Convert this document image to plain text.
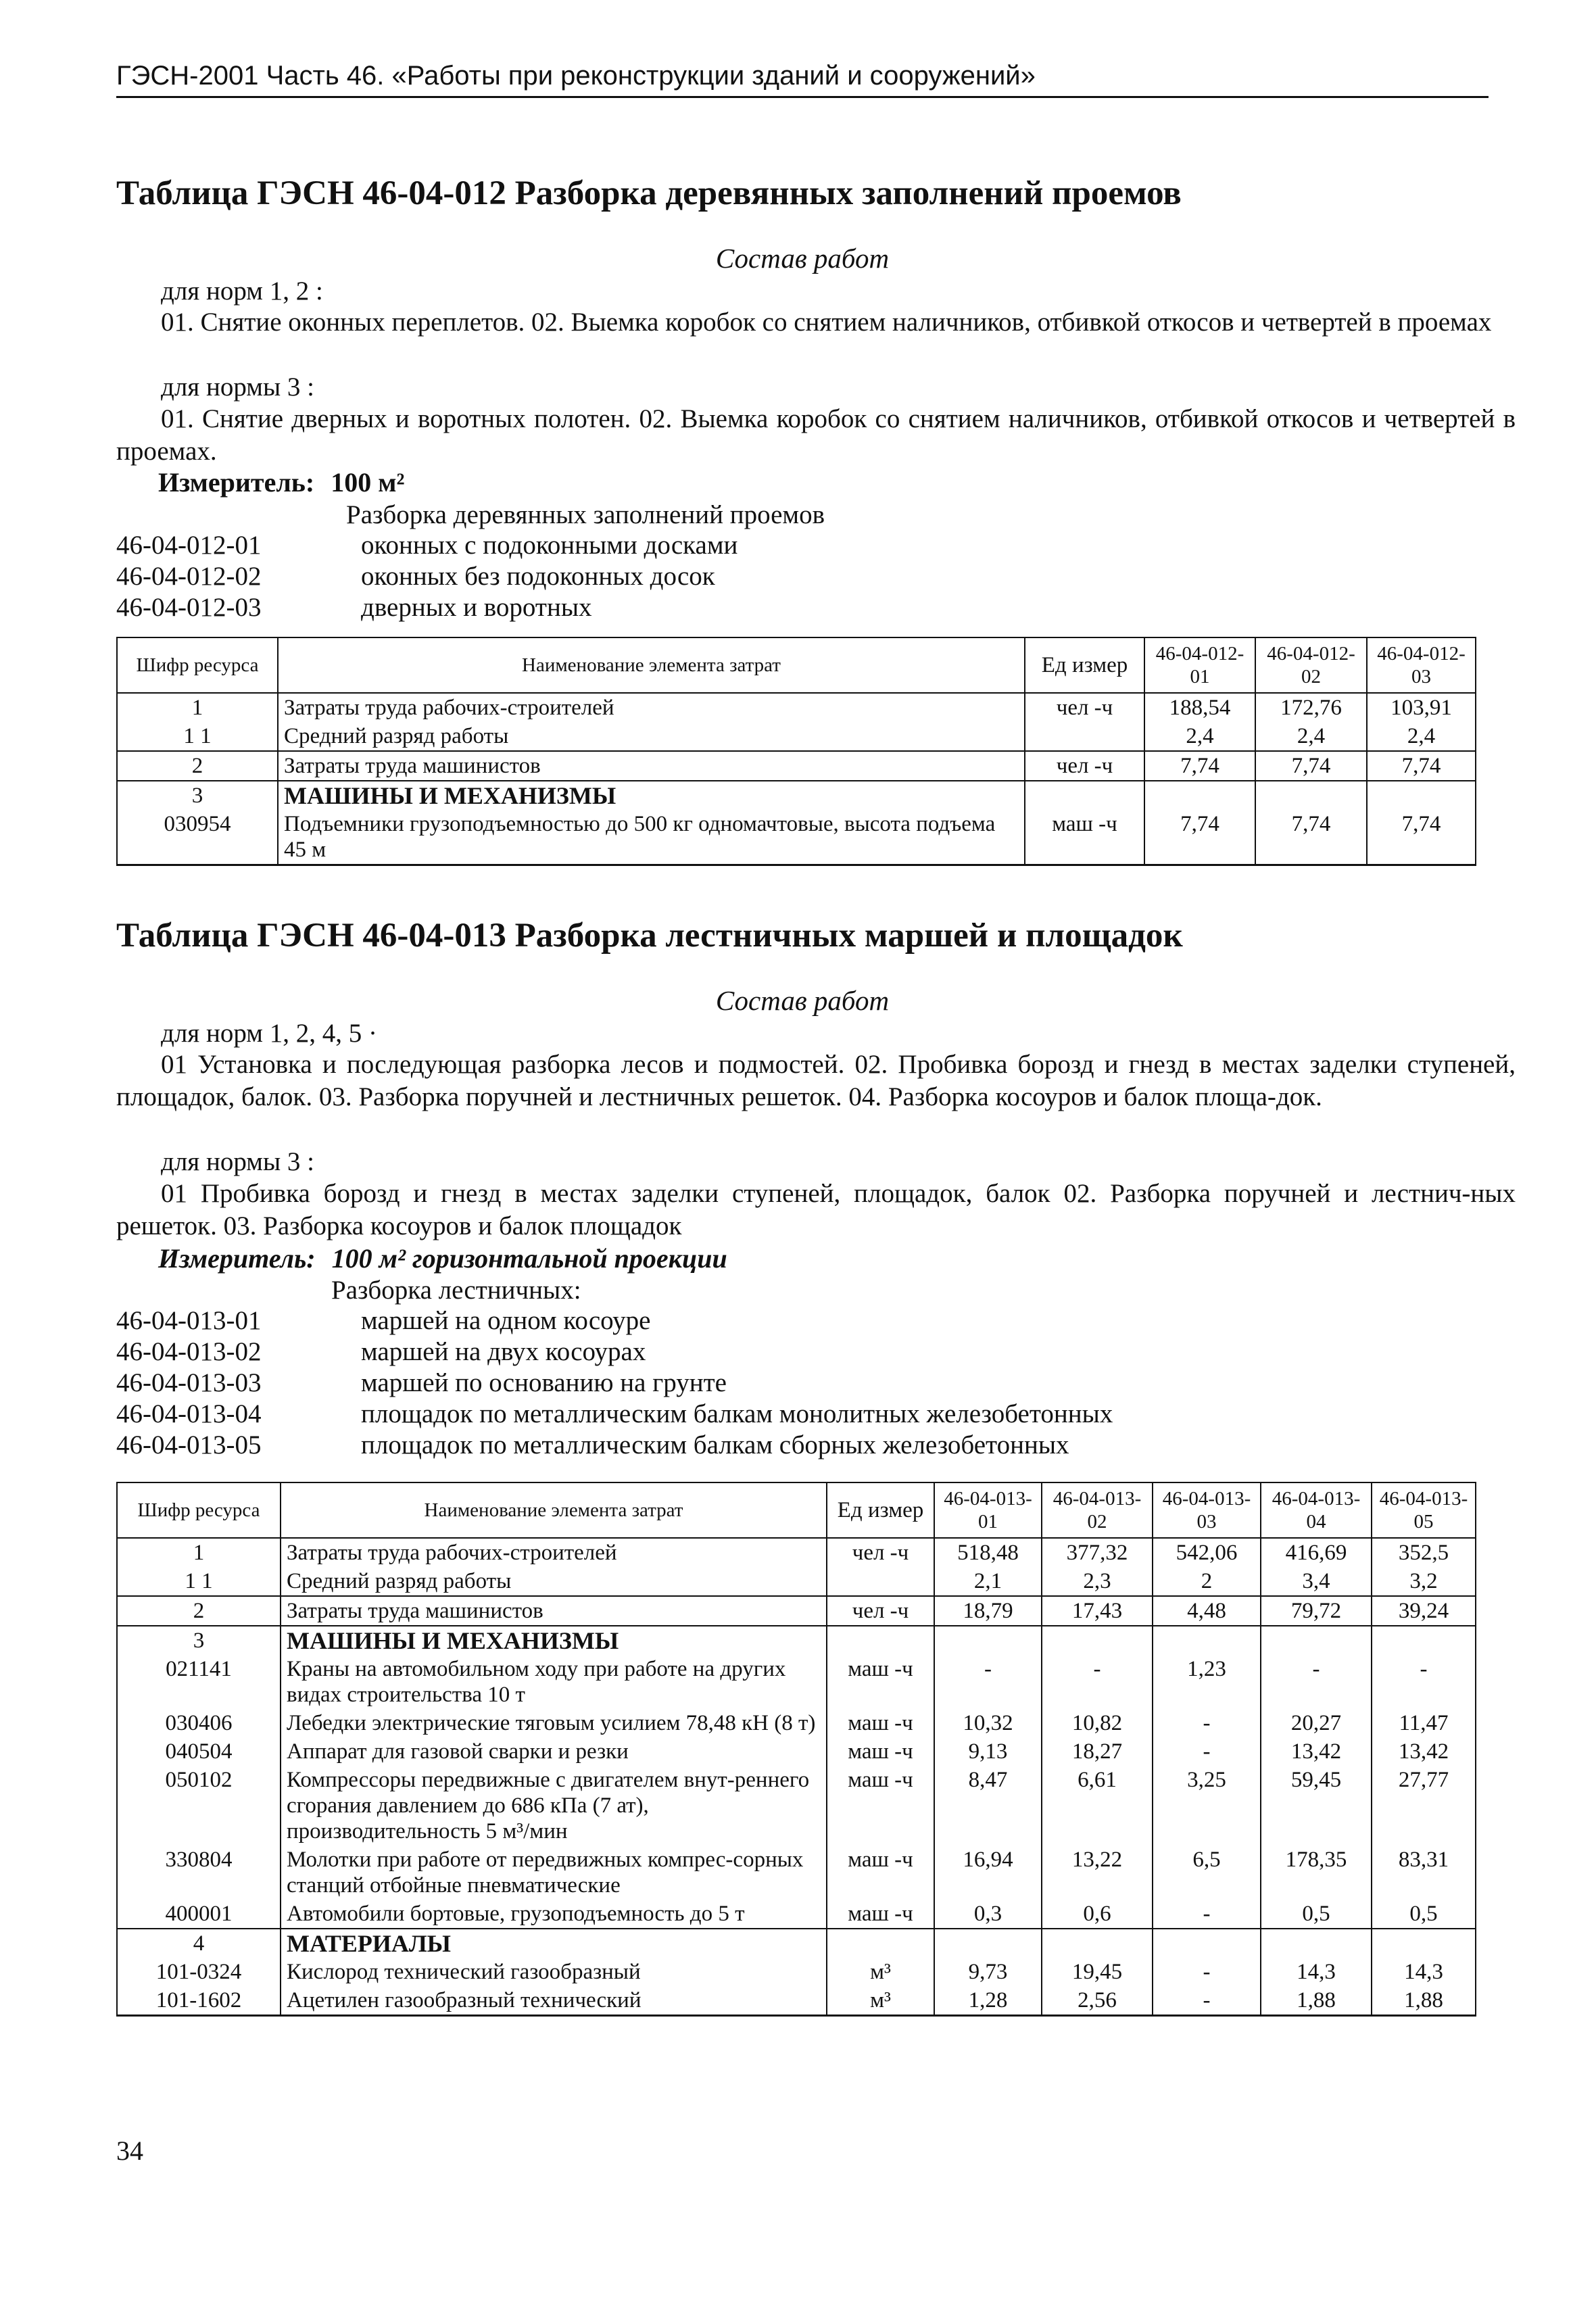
ГЭСН-2001 Часть 46. «Работы при реконструкции зданий и сооружений»
Таблица ГЭСН 46-04-012 Разборка деревянных заполнений проемов
Состав работ
для норм 1, 2 :
01. Снятие оконных переплетов. 02. Выемка коробок со снятием наличников, отбивкой откосов и четвертей в проемах
для нормы 3 :
01. Снятие дверных и воротных полотен. 02. Выемка коробок со снятием наличников, отбивкой откосов и четвертей в проемах.
Измеритель: 100 м²
Разборка деревянных заполнений проемов
46-04-012-01	оконных с подоконными досками
46-04-012-02	оконных без подоконных досок
46-04-012-03	дверных и воротных
Шифр ресурса	Наименование элемента затрат	Ед измер	46-04-012-01	46-04-012-02	46-04-012-03
1	Затраты труда рабочих-строителей	чел -ч	188,54	172,76	103,91
1 1	Средний разряд работы		2,4	2,4	2,4
2	Затраты труда машинистов	чел -ч	7,74	7,74	7,74
3	МАШИНЫ И МЕХАНИЗМЫ				
030954	Подъемники грузоподъемностью до 500 кг одномачтовые, высота подъема 45 м	маш -ч	7,74	7,74	7,74
Таблица ГЭСН 46-04-013 Разборка лестничных маршей и площадок
Состав работ
для норм 1, 2, 4, 5 ·
01 Установка и последующая разборка лесов и подмостей. 02. Пробивка борозд и гнезд в местах заделки ступеней, площадок, балок. 03. Разборка поручней и лестничных решеток. 04. Разборка косоуров и балок площа-док.
для нормы 3 :
01 Пробивка борозд и гнезд в местах заделки ступеней, площадок, балок 02. Разборка поручней и лестнич-ных решеток. 03. Разборка косоуров и балок площадок
Измеритель: 100 м² горизонтальной проекции
Разборка лестничных:
46-04-013-01	маршей на одном косоуре
46-04-013-02	маршей на двух косоурах
46-04-013-03	маршей по основанию на грунте
46-04-013-04	площадок по металлическим балкам монолитных железобетонных
46-04-013-05	площадок по металлическим балкам сборных железобетонных
Шифр ресурса	Наименование элемента затрат	Ед измер	46-04-013-01	46-04-013-02	46-04-013-03	46-04-013-04	46-04-013-05
1	Затраты труда рабочих-строителей	чел -ч	518,48	377,32	542,06	416,69	352,5
1 1	Средний разряд работы		2,1	2,3	2	3,4	3,2
2	Затраты труда машинистов	чел -ч	18,79	17,43	4,48	79,72	39,24
3	МАШИНЫ И МЕХАНИЗМЫ						
021141	Краны на автомобильном ходу при работе на других видах строительства 10 т	маш -ч	-	-	1,23	-	-
030406	Лебедки электрические тяговым усилием 78,48 кН (8 т)	маш -ч	10,32	10,82	-	20,27	11,47
040504	Аппарат для газовой сварки и резки	маш -ч	9,13	18,27	-	13,42	13,42
050102	Компрессоры передвижные с двигателем внут-реннего сгорания давлением до 686 кПа (7 ат), производительность 5 м³/мин	маш -ч	8,47	6,61	3,25	59,45	27,77
330804	Молотки при работе от передвижных компрес-сорных станций отбойные пневматические	маш -ч	16,94	13,22	6,5	178,35	83,31
400001	Автомобили бортовые, грузоподъемность до 5 т	маш -ч	0,3	0,6	-	0,5	0,5
4	МАТЕРИАЛЫ						
101-0324	Кислород технический газообразный	м³	9,73	19,45	-	14,3	14,3
101-1602	Ацетилен газообразный технический	м³	1,28	2,56	-	1,88	1,88
34
